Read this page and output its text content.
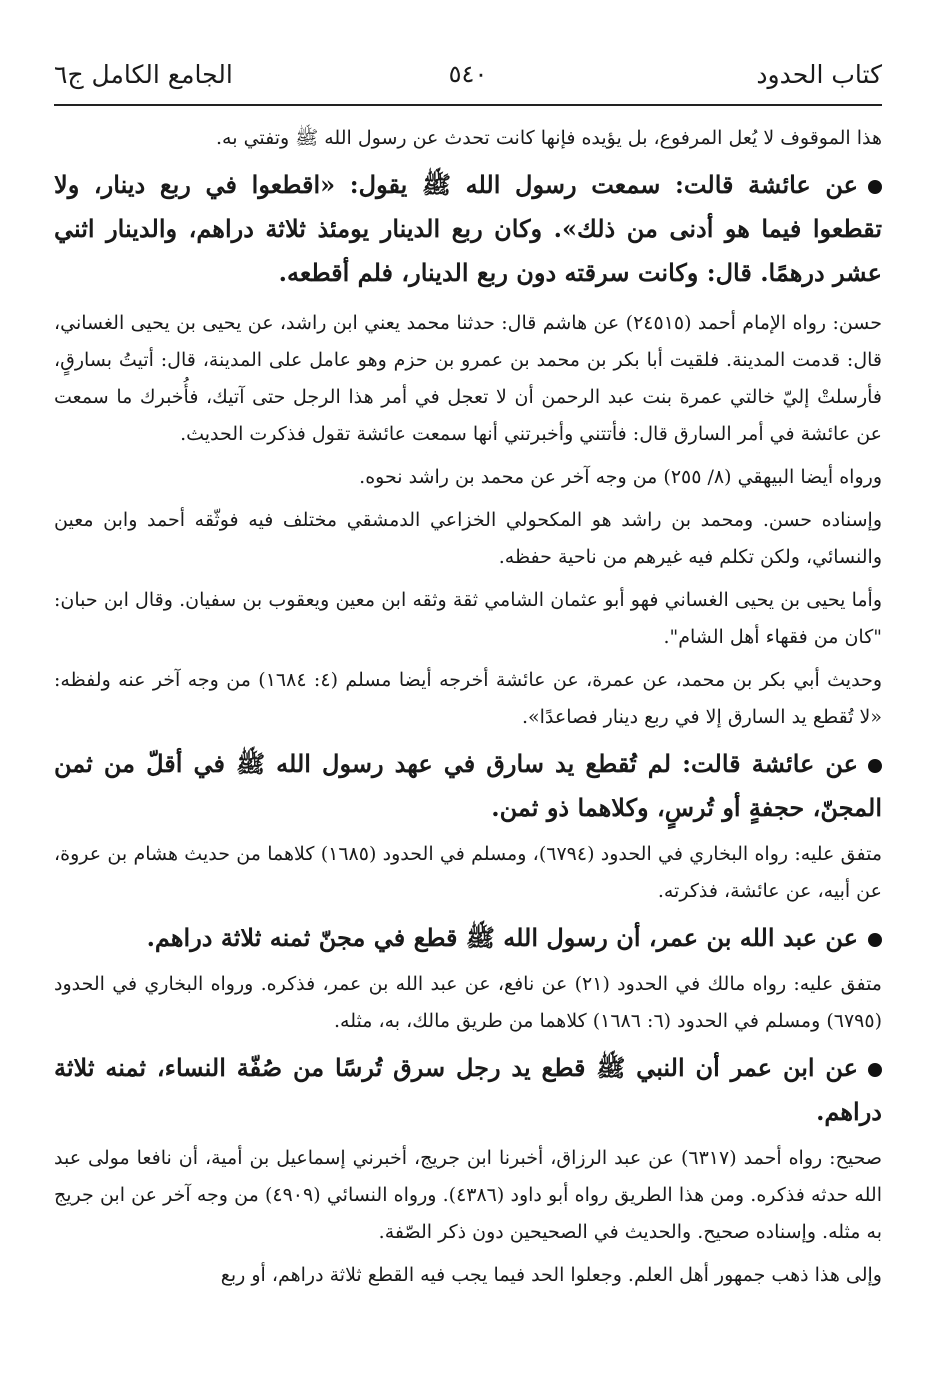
كتاب الحدود
٥٤٠
الجامع الكامل ج٦

هذا الموقوف لا يُعل المرفوع، بل يؤيده فإنها كانت تحدث عن رسول الله ﷺ وتفتي به.

عن عائشة قالت: سمعت رسول الله ﷺ يقول: «اقطعوا في ربع دينار، ولا تقطعوا فيما هو أدنى من ذلك». وكان ربع الدينار يومئذ ثلاثة دراهم، والدينار اثني عشر درهمًا. قال: وكانت سرقته دون ربع الدينار، فلم أقطعه.

حسن: رواه الإمام أحمد (٢٤٥١٥) عن هاشم قال: حدثنا محمد يعني ابن راشد، عن يحيى بن يحيى الغساني، قال: قدمت المدينة. فلقيت أبا بكر بن محمد بن عمرو بن حزم وهو عامل على المدينة، قال: أتيتُ بسارقٍ، فأرسلتْ إليّ خالتي عمرة بنت عبد الرحمن أن لا تعجل في أمر هذا الرجل حتى آتيك، فأُخبرك ما سمعت عن عائشة في أمر السارق قال: فأتتني وأخبرتني أنها سمعت عائشة تقول فذكرت الحديث.

ورواه أيضا البيهقي (٨/ ٢٥٥) من وجه آخر عن محمد بن راشد نحوه.

وإسناده حسن. ومحمد بن راشد هو المكحولي الخزاعي الدمشقي مختلف فيه فوثّقه أحمد وابن معين والنسائي، ولكن تكلم فيه غيرهم من ناحية حفظه.

وأما يحيى بن يحيى الغساني فهو أبو عثمان الشامي ثقة وثقه ابن معين ويعقوب بن سفيان. وقال ابن حبان: "كان من فقهاء أهل الشام".

وحديث أبي بكر بن محمد، عن عمرة، عن عائشة أخرجه أيضا مسلم (٤: ١٦٨٤) من وجه آخر عنه ولفظه: «لا تُقطع يد السارق إلا في ربع دينار فصاعدًا».

عن عائشة قالت: لم تُقطع يد سارق في عهد رسول الله ﷺ في أقلّ من ثمن المجنّ، حجفةٍ أو تُرسٍ، وكلاهما ذو ثمن.

متفق عليه: رواه البخاري في الحدود (٦٧٩٤)، ومسلم في الحدود (١٦٨٥) كلاهما من حديث هشام بن عروة، عن أبيه، عن عائشة، فذكرته.

عن عبد الله بن عمر، أن رسول الله ﷺ قطع في مجنّ ثمنه ثلاثة دراهم.

متفق عليه: رواه مالك في الحدود (٢١) عن نافع، عن عبد الله بن عمر، فذكره. ورواه البخاري في الحدود (٦٧٩٥) ومسلم في الحدود (٦: ١٦٨٦) كلاهما من طريق مالك، به، مثله.

عن ابن عمر أن النبي ﷺ قطع يد رجل سرق تُرسًا من صُفّة النساء، ثمنه ثلاثة دراهم.

صحيح: رواه أحمد (٦٣١٧) عن عبد الرزاق، أخبرنا ابن جريج، أخبرني إسماعيل بن أمية، أن نافعا مولى عبد الله حدثه فذكره. ومن هذا الطريق رواه أبو داود (٤٣٨٦). ورواه النسائي (٤٩٠٩) من وجه آخر عن ابن جريج به مثله. وإسناده صحيح. والحديث في الصحيحين دون ذكر الصّفة.

وإلى هذا ذهب جمهور أهل العلم. وجعلوا الحد فيما يجب فيه القطع ثلاثة دراهم، أو ربع
